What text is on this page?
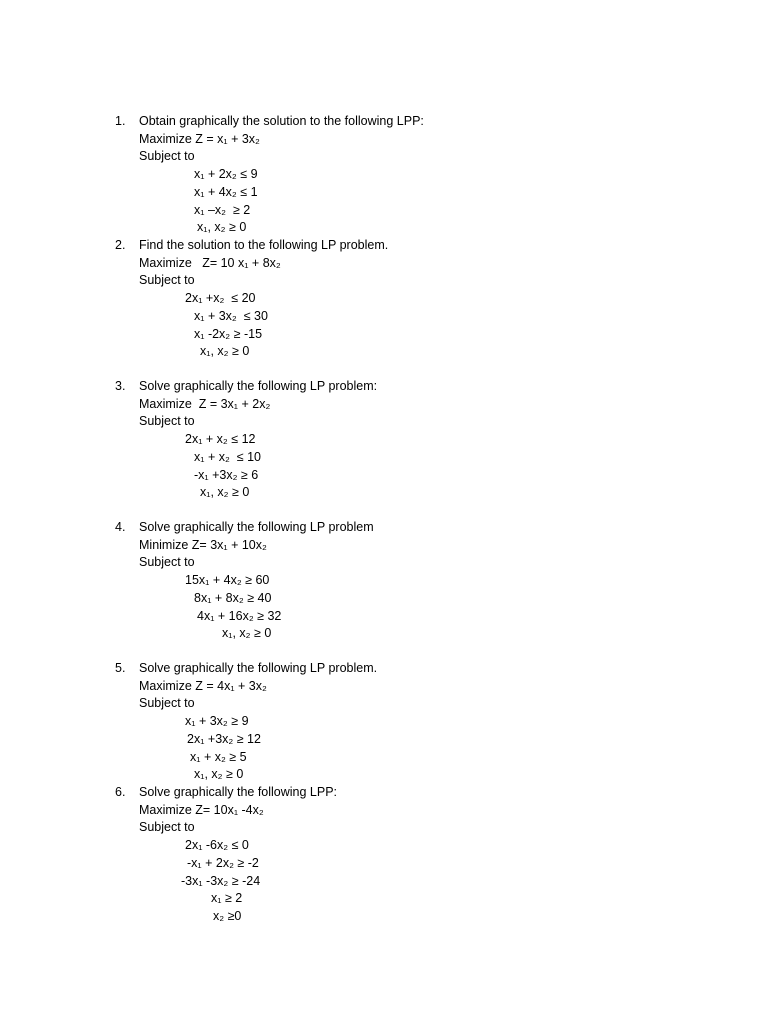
1. Obtain graphically the solution to the following LPP:
Maximize Z = x₁ + 3x₂
Subject to
x₁ + 2x₂ ≤ 9
x₁ + 4x₂ ≤ 1
x₁ –x₂  ≥ 2
x₁, x₂ ≥ 0
2. Find the solution to the following LP problem.
Maximize   Z= 10 x₁ + 8x₂
Subject to
2x₁ +x₂  ≤ 20
x₁ + 3x₂  ≤ 30
x₁ -2x₂ ≥ -15
x₁, x₂ ≥ 0
3. Solve graphically the following LP problem:
Maximize  Z = 3x₁ + 2x₂
Subject to
2x₁ + x₂ ≤ 12
x₁ + x₂  ≤ 10
-x₁ +3x₂ ≥ 6
x₁, x₂ ≥ 0
4. Solve graphically the following LP problem
Minimize Z= 3x₁ + 10x₂
Subject to
15x₁ + 4x₂ ≥ 60
8x₁ + 8x₂ ≥ 40
4x₁ + 16x₂ ≥ 32
x₁, x₂ ≥ 0
5. Solve graphically the following LP problem.
Maximize Z = 4x₁ + 3x₂
Subject to
x₁ + 3x₂ ≥ 9
2x₁ +3x₂ ≥ 12
x₁ + x₂ ≥ 5
x₁, x₂ ≥ 0
6. Solve graphically the following LPP:
Maximize Z= 10x₁ -4x₂
Subject to
2x₁ -6x₂ ≤ 0
-x₁ + 2x₂ ≥ -2
-3x₁ -3x₂ ≥ -24
x₁ ≥ 2
x₂ ≥0
